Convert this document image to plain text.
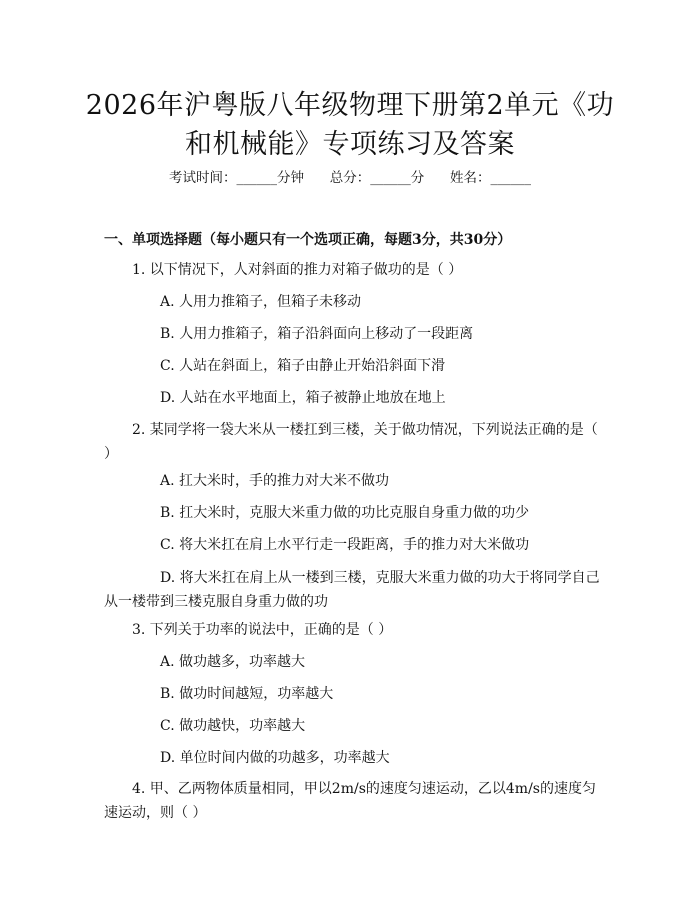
2026年沪粤版八年级物理下册第2单元《功
和机械能》专项练习及答案
考试时间：______分钟      总分：______分      姓名：______
一、单项选择题（每小题只有一个选项正确，每题3分，共30分）
1. 以下情况下，人对斜面的推力对箱子做功的是（ ）
A. 人用力推箱子，但箱子未移动
B. 人用力推箱子，箱子沿斜面向上移动了一段距离
C. 人站在斜面上，箱子由静止开始沿斜面下滑
D. 人站在水平地面上，箱子被静止地放在地上
2. 某同学将一袋大米从一楼扛到三楼，关于做功情况，下列说法正确的是（ ）
A. 扛大米时，手的推力对大米不做功
B. 扛大米时，克服大米重力做的功比克服自身重力做的功少
C. 将大米扛在肩上水平行走一段距离，手的推力对大米做功
D. 将大米扛在肩上从一楼到三楼，克服大米重力做的功大于将同学自己从一楼带到三楼克服自身重力做的功
3. 下列关于功率的说法中，正确的是（ ）
A. 做功越多，功率越大
B. 做功时间越短，功率越大
C. 做功越快，功率越大
D. 单位时间内做的功越多，功率越大
4. 甲、乙两物体质量相同，甲以2m/s的速度匀速运动，乙以4m/s的速度匀速运动，则（ ）
